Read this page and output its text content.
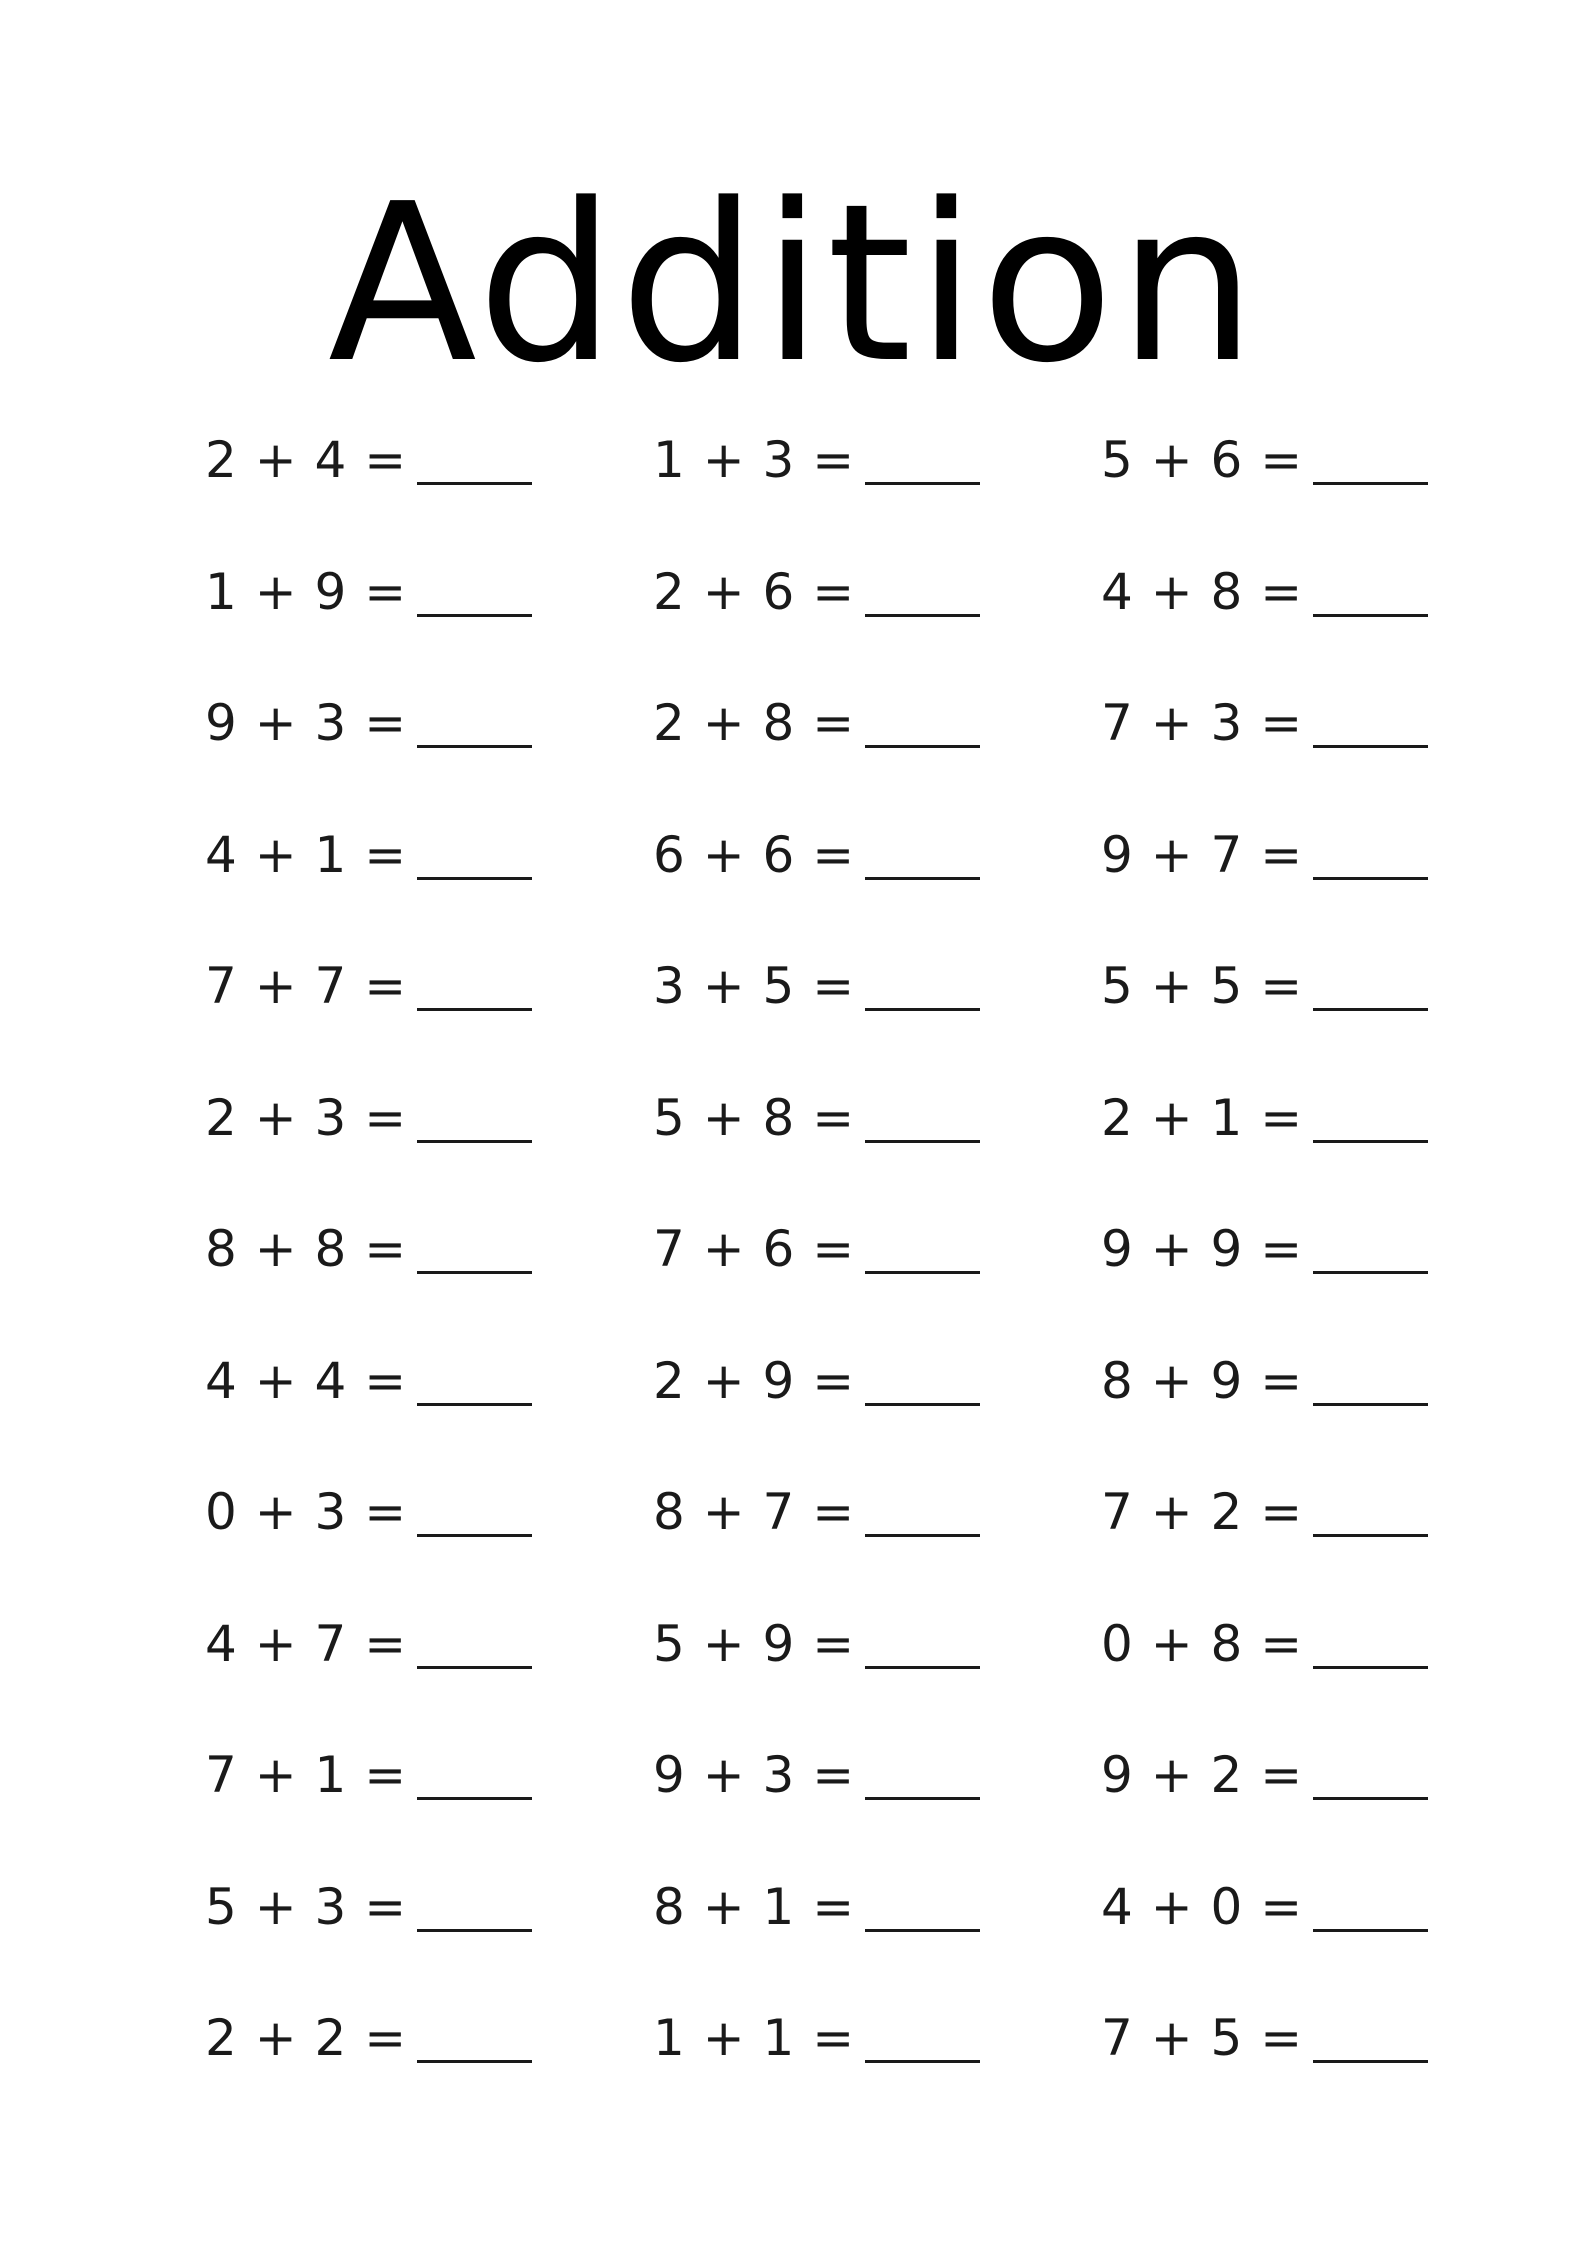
Addition
2 + 4 =	1 + 3 =	5 + 6 =
1 + 9 =	2 + 6 =	4 + 8 =
9 + 3 =	2 + 8 =	7 + 3 =
4 + 1 =	6 + 6 =	9 + 7 =
7 + 7 =	3 + 5 =	5 + 5 =
2 + 3 =	5 + 8 =	2 + 1 =
8 + 8 =	7 + 6 =	9 + 9 =
4 + 4 =	2 + 9 =	8 + 9 =
0 + 3 =	8 + 7 =	7 + 2 =
4 + 7 =	5 + 9 =	0 + 8 =
7 + 1 =	9 + 3 =	9 + 2 =
5 + 3 =	8 + 1 =	4 + 0 =
2 + 2 =	1 + 1 =	7 + 5 =
